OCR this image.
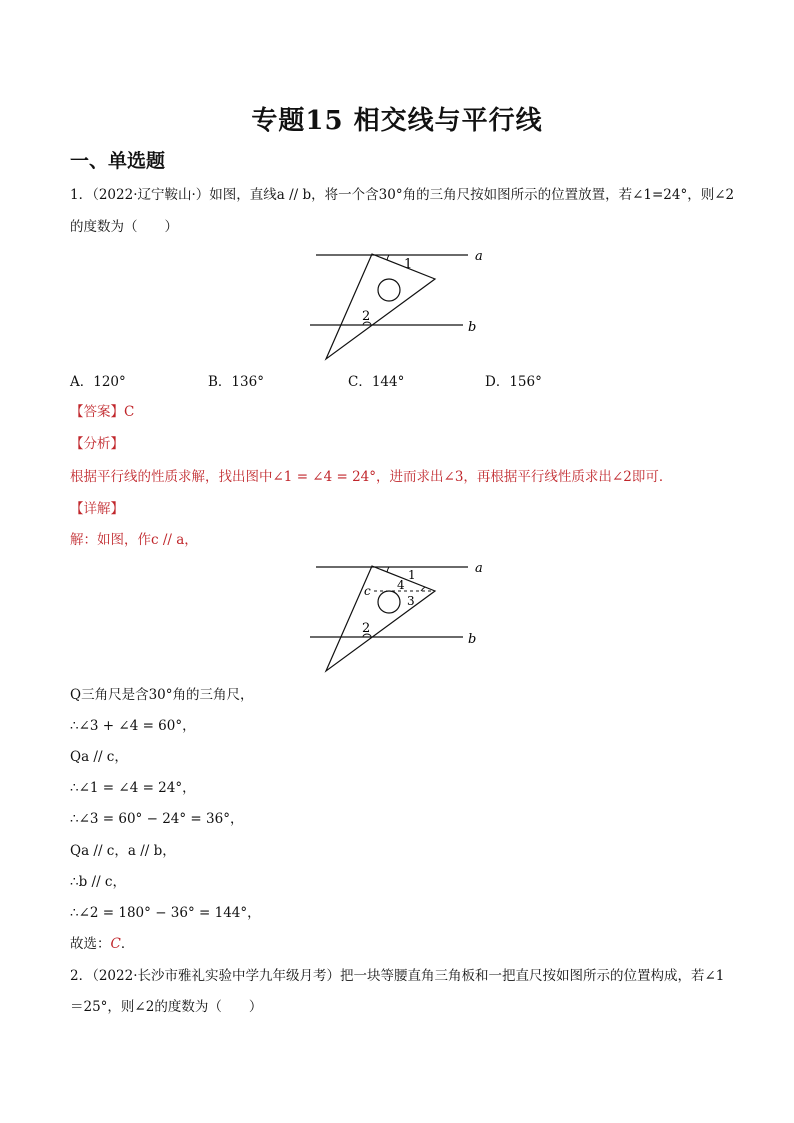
专题15 相交线与平行线
一、单选题
1．（2022·辽宁鞍山·）如图，直线a // b，将一个含30°角的三角尺按如图所示的位置放置，若∠1=24°，则∠2
的度数为（　　）
a
b
1
2
A．120°	B．136°	C．144°	D．156°
【答案】C
【分析】
根据平行线的性质求解，找出图中∠1 = ∠4 = 24°，进而求出∠3，再根据平行线性质求出∠2即可．
【详解】
解：如图，作c // a，
a
b
c
1
4
3
2
Q三角尺是含30°角的三角尺，
∴∠3 + ∠4 = 60°，
Qa // c，
∴∠1 = ∠4 = 24°，
∴∠3 = 60° − 24° = 36°，
Qa // c，a // b，
∴b // c，
∴∠2 = 180° − 36° = 144°，
故选：C．
2．（2022·长沙市雅礼实验中学九年级月考）把一块等腰直角三角板和一把直尺按如图所示的位置构成，若∠1
＝25°，则∠2的度数为（　　）
